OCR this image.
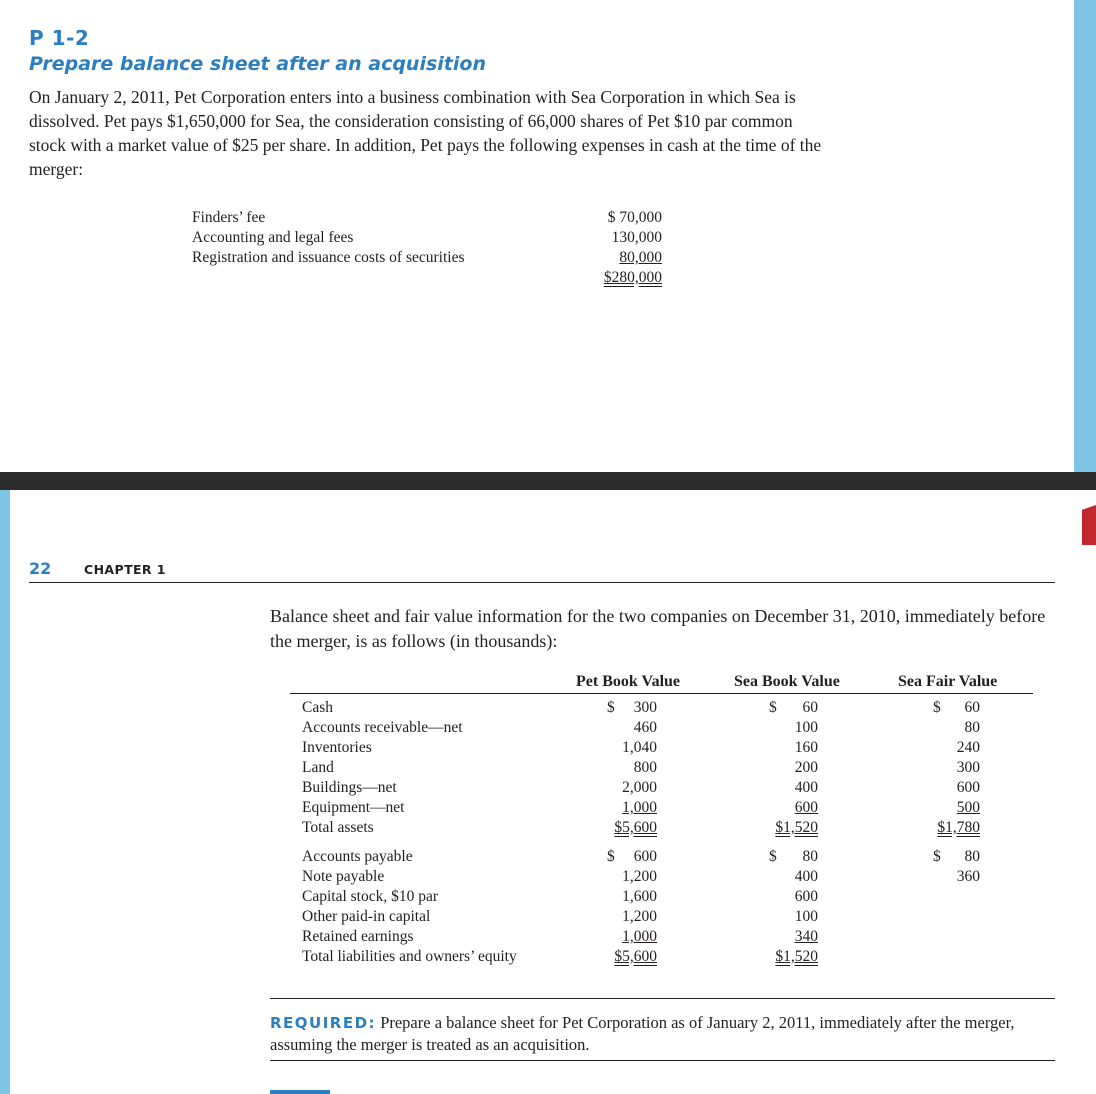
P 1-2
Prepare balance sheet after an acquisition

On January 2, 2011, Pet Corporation enters into a business combination with Sea Corporation in which Sea is dissolved. Pet pays $1,650,000 for Sea, the consideration consisting of 66,000 shares of Pet $10 par common stock with a market value of $25 per share. In addition, Pet pays the following expenses in cash at the time of the merger:

Finders’ fee	$ 70,000
Accounting and legal fees	130,000
Registration and issuance costs of securities	80,000
$280,000
22	CHAPTER 1

Balance sheet and fair value information for the two companies on December 31, 2010, immediately before the merger, is as follows (in thousands):

Pet Book Value	Sea Book Value	Sea Fair Value
Cash	$ 300	$ 60	$ 60
Accounts receivable—net	460	100	80
Inventories	1,040	160	240
Land	800	200	300
Buildings—net	2,000	400	600
Equipment—net	1,000	600	500
Total assets	$5,600	$1,520	$1,780
Accounts payable	$ 600	$ 80	$ 80
Note payable	1,200	400	360
Capital stock, $10 par	1,600	600
Other paid-in capital	1,200	100
Retained earnings	1,000	340
Total liabilities and owners’ equity	$5,600	$1,520

REQUIRED: Prepare a balance sheet for Pet Corporation as of January 2, 2011, immediately after the merger, assuming the merger is treated as an acquisition.
